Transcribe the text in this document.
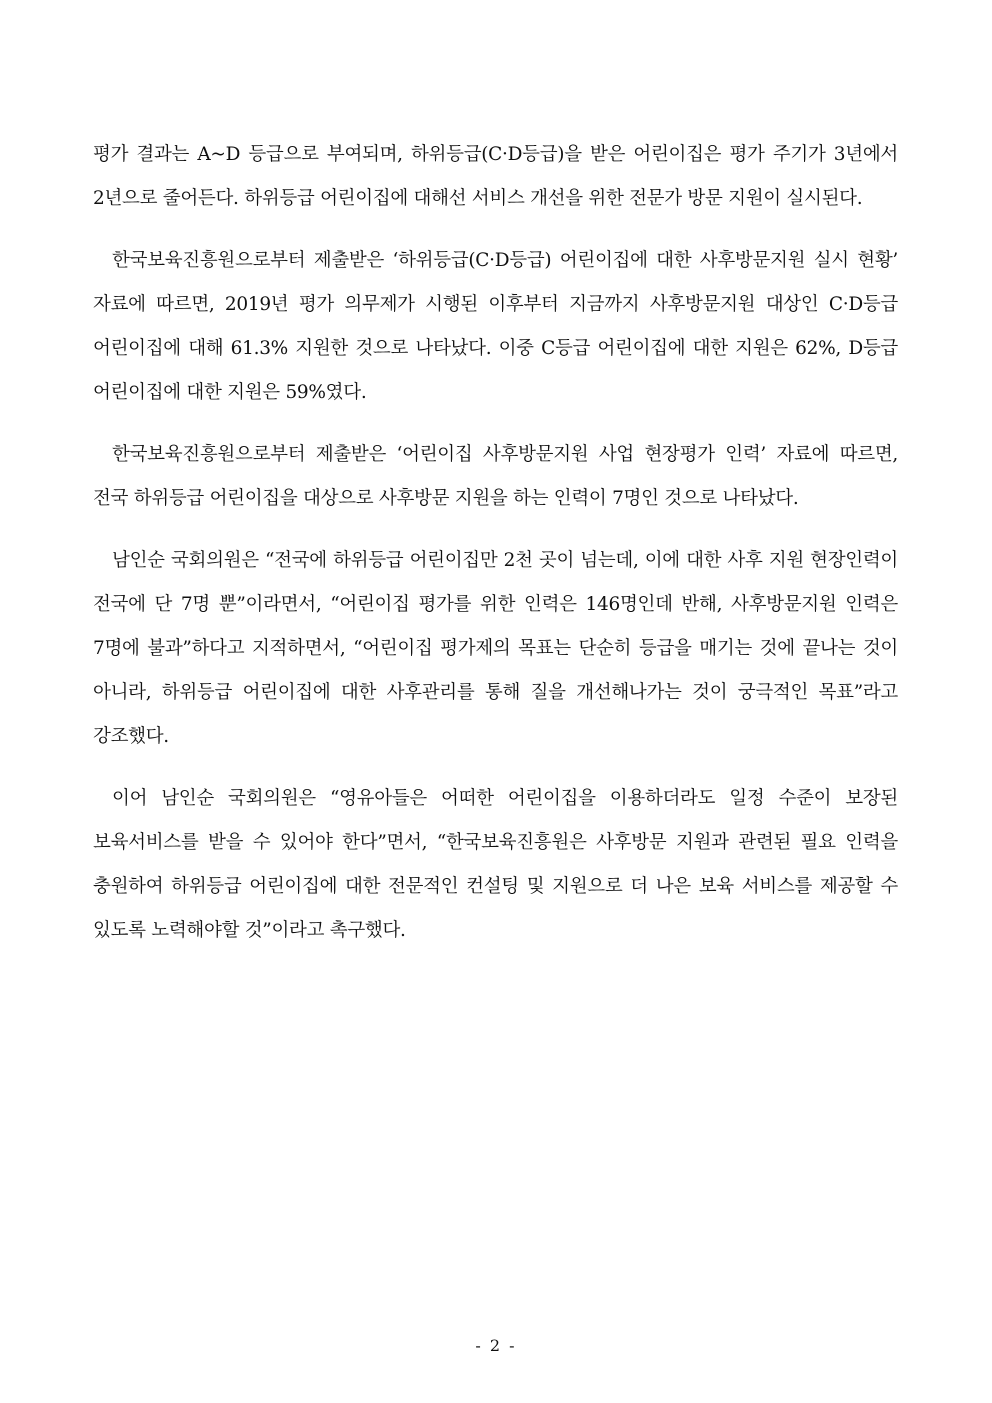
평가 결과는 A~D 등급으로 부여되며, 하위등급(C·D등급)을 받은 어린이집은 평가 주기가 3년에서 2년으로 줄어든다. 하위등급 어린이집에 대해선 서비스 개선을 위한 전문가 방문 지원이 실시된다.

한국보육진흥원으로부터 제출받은 ‘하위등급(C·D등급) 어린이집에 대한 사후방문지원 실시 현황’ 자료에 따르면, 2019년 평가 의무제가 시행된 이후부터 지금까지 사후방문지원 대상인 C·D등급 어린이집에 대해 61.3% 지원한 것으로 나타났다. 이중 C등급 어린이집에 대한 지원은 62%, D등급 어린이집에 대한 지원은 59%였다.

한국보육진흥원으로부터 제출받은 ‘어린이집 사후방문지원 사업 현장평가 인력’ 자료에 따르면, 전국 하위등급 어린이집을 대상으로 사후방문 지원을 하는 인력이 7명인 것으로 나타났다.

남인순 국회의원은 “전국에 하위등급 어린이집만 2천 곳이 넘는데, 이에 대한 사후 지원 현장인력이 전국에 단 7명 뿐”이라면서, “어린이집 평가를 위한 인력은 146명인데 반해, 사후방문지원 인력은 7명에 불과”하다고 지적하면서, “어린이집 평가제의 목표는 단순히 등급을 매기는 것에 끝나는 것이 아니라, 하위등급 어린이집에 대한 사후관리를 통해 질을 개선해나가는 것이 궁극적인 목표”라고 강조했다.

이어 남인순 국회의원은 “영유아들은 어떠한 어린이집을 이용하더라도 일정 수준이 보장된 보육서비스를 받을 수 있어야 한다”면서, “한국보육진흥원은 사후방문 지원과 관련된 필요 인력을 충원하여 하위등급 어린이집에 대한 전문적인 컨설팅 및 지원으로 더 나은 보육 서비스를 제공할 수 있도록 노력해야할 것”이라고 촉구했다.

- 2 -
